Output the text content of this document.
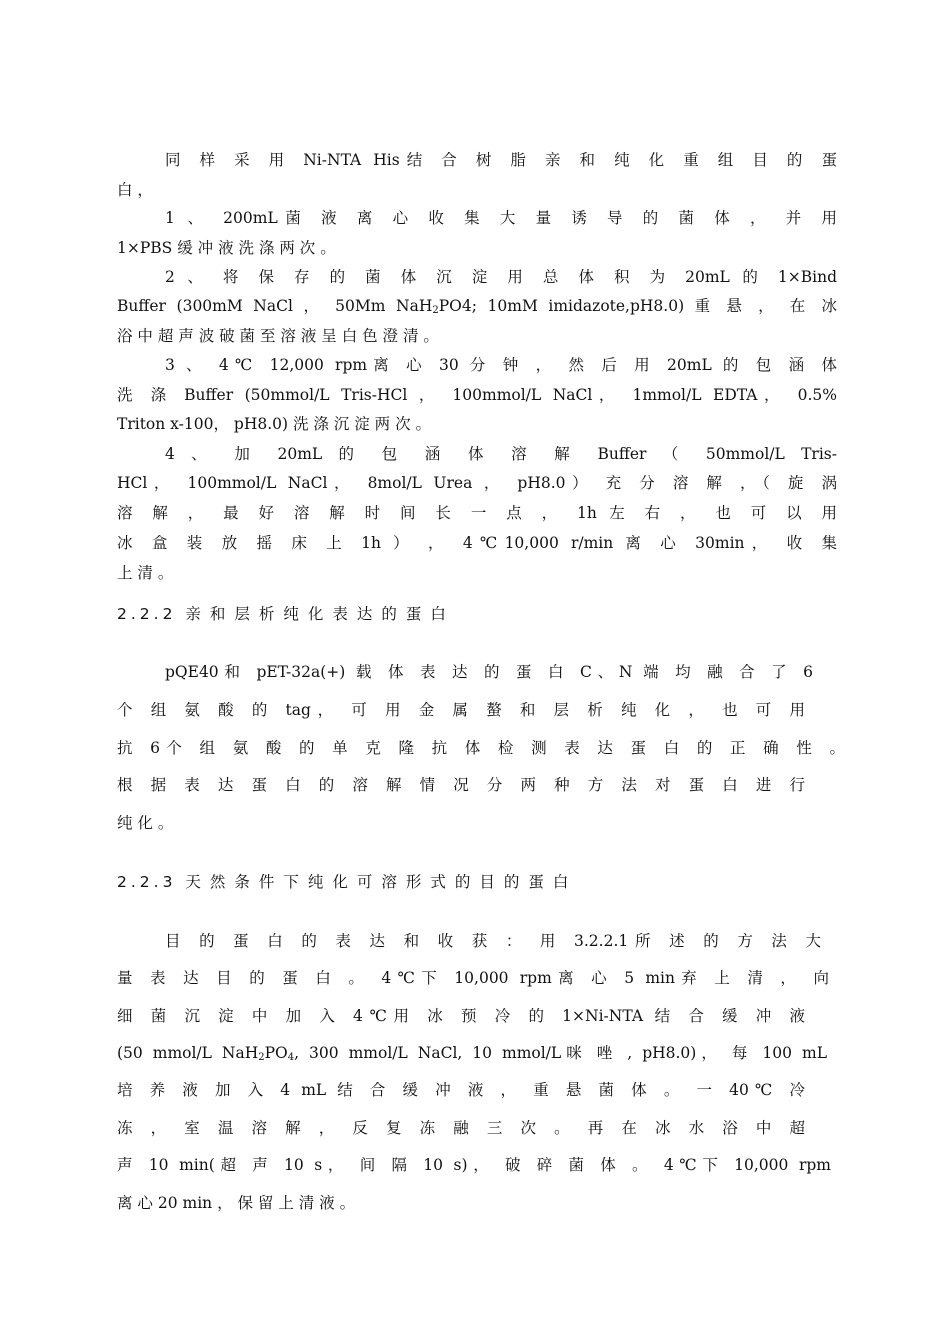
同 样 采 用 Ni-NTA His结 合 树 脂 亲 和 纯 化 重 组 目 的 蛋
白 ，
1 、 200mL菌 液 离 心 收 集 大 量 诱 导 的 菌 体 ， 并 用
1×PBS 缓 冲 液 洗 涤 两 次 。
2 、 将 保 存 的 菌 体 沉 淀 用 总 体 积 为 20mL 的 1×Bind
Buffer (300mM NaCl ， 50Mm NaH$_2$PO4; 10mM imidazote,pH8.0) 重 悬 ， 在 冰
浴 中 超 声 波 破 菌 至 溶 液 呈 白 色 澄 清 。
3 、 4℃ 12,000 rpm离 心 30 分 钟 ， 然 后 用 20mL 的 包 涵 体
洗 涤 Buffer (50mmol/L Tris-HCl ， 100mmol/L NaCl， 1mmol/L EDTA， 0.5%
Triton x-100， pH8.0) 洗 涤 沉 淀 两 次 。
4 、 加 20mL 的 包 涵 体 溶 解 Buffer （ 50mmol/L Tris-
HCl， 100mmol/L NaCl， 8mol/L Urea ， pH8.0） 充 分 溶 解 ，（ 旋 涡
溶 解 ， 最 好 溶 解 时 间 长 一 点 ， 1h 左 右 ， 也 可 以 用
冰 盒 装 放 摇 床 上 1h ） ， 4℃10,000 r/min 离 心 30min， 收 集
上 清 。
2.2.2 亲和层析纯化表达的蛋白
pQE40和 pET-32a(+) 载 体 表 达 的 蛋 白 C、N 端 均 融 合 了 6
个 组 氨 酸 的 tag， 可 用 金 属 螯 和 层 析 纯 化 ， 也 可 用
抗 6个 组 氨 酸 的 单 克 隆 抗 体 检 测 表 达 蛋 白 的 正 确 性 。
根 据 表 达 蛋 白 的 溶 解 情 况 分 两 种 方 法 对 蛋 白 进 行
纯 化 。
2.2.3 天然条件下纯化可溶形式的目的蛋白
目 的 蛋 白 的 表 达 和 收 获 ： 用 3.2.2.1所 述 的 方 法 大
量 表 达 目 的 蛋 白 。 4℃下 10,000 rpm离 心 5 min弃 上 清 ， 向
细 菌 沉 淀 中 加 入 4℃用 冰 预 冷 的 1×Ni-NTA 结 合 缓 冲 液
(50 mmol/L $NaH_2PO_4$, 300 mmol/L NaCl, 10 mmol/L咪 唑 , pH8.0)， 每 100 mL
培 养 液 加 入 4 mL 结 合 缓 冲 液 ， 重 悬 菌 体 。 一 40℃ 冷
冻 ， 室 温 溶 解 ， 反 复 冻 融 三 次 。 再 在 冰 水 浴 中 超
声 10 min(超 声 10 s， 间 隔 10 s)， 破 碎 菌 体 。 4℃下 10,000 rpm
离 心 20 min ， 保 留 上 清 液 。
